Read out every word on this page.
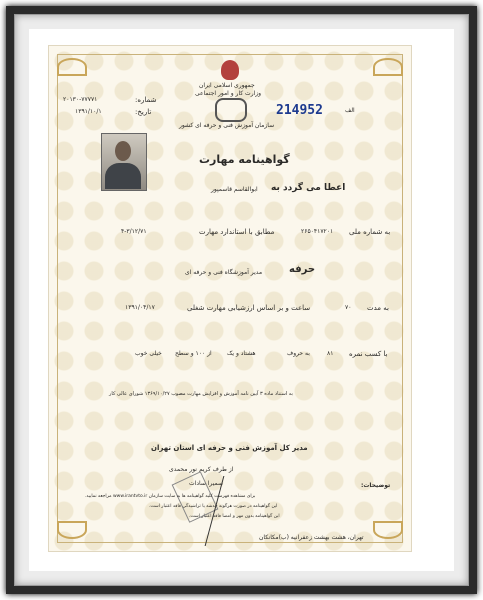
جمهوری اسلامی ایران
وزارت کار و امور اجتماعی
سازمان آموزش فنی و حرفه ای کشور
۲۰۱۳۰-۷۷۷۷۱	شماره:
۱۳۹۱/۱۰/۱	تاریخ:	214952	الف
گواهینامه مهارت
اعطا می گردد به
ابوالقاسم قاسمپور
به شماره ملی
۲۶۵۰۴۱۷۲۰۱
مطابق با استاندارد مهارت
۴-۳/۱۲/۷۱
حرفه
مدیر آموزشگاه فنی و حرفه ای
به مدت
۷۰
ساعت و بر اساس ارزشیابی مهارت شغلی
۱۳۹۱/۰۴/۱۷
با کسب نمره
۸۱
به حروف
هشتاد و یک
از ۱۰۰ و سطح
خیلی خوب
به استناد ماده ۳ آیین نامه آموزش و افزایش مهارت مصوب ۱۳۶۹/۱۰/۲۷ شورای عالی کار
مدیر کل آموزش فنی و حرفه ای استان تهران
از طرف کریم نور محمدی
سمیرا سادات	توضیحات:
برای مشاهده فهرست کلیه گواهینامه ها به سایت سازمان www.irantvto.ir مراجعه نمایید.
این گواهینامه در صورت هرگونه خدشه یا تراشیدگی فاقد اعتبار است.
این گواهینامه بدون مهر و امضا فاقد اعتبار است.
تهران، هشت بهشت زعفرانیه (ب)مکانکان
